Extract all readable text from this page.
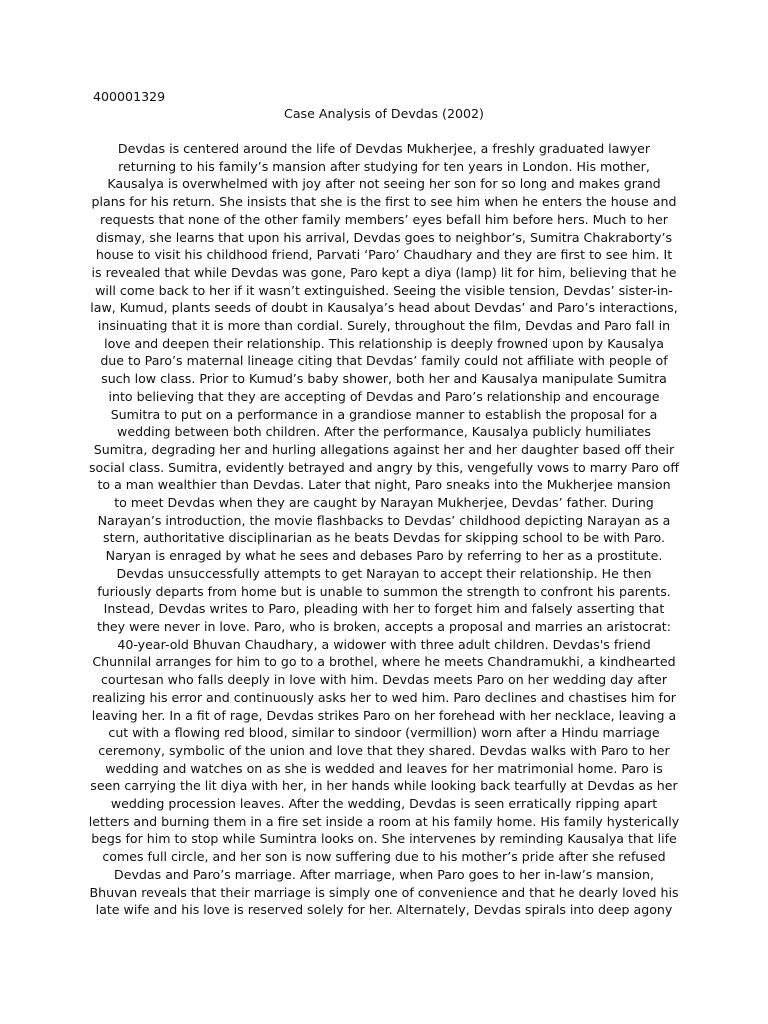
400001329
Case Analysis of Devdas (2002)
Devdas is centered around the life of Devdas Mukherjee, a freshly graduated lawyer
returning to his family’s mansion after studying for ten years in London. His mother,
Kausalya is overwhelmed with joy after not seeing her son for so long and makes grand
plans for his return. She insists that she is the first to see him when he enters the house and
requests that none of the other family members’ eyes befall him before hers. Much to her
dismay, she learns that upon his arrival, Devdas goes to neighbor’s, Sumitra Chakraborty’s
house to visit his childhood friend, Parvati ‘Paro’ Chaudhary and they are first to see him. It
is revealed that while Devdas was gone, Paro kept a diya (lamp) lit for him, believing that he
will come back to her if it wasn’t extinguished. Seeing the visible tension, Devdas’ sister-in-
law, Kumud, plants seeds of doubt in Kausalya’s head about Devdas’ and Paro’s interactions,
insinuating that it is more than cordial. Surely, throughout the film, Devdas and Paro fall in
love and deepen their relationship. This relationship is deeply frowned upon by Kausalya
due to Paro’s maternal lineage citing that Devdas’ family could not affiliate with people of
such low class. Prior to Kumud’s baby shower, both her and Kausalya manipulate Sumitra
into believing that they are accepting of Devdas and Paro’s relationship and encourage
Sumitra to put on a performance in a grandiose manner to establish the proposal for a
wedding between both children. After the performance, Kausalya publicly humiliates
Sumitra, degrading her and hurling allegations against her and her daughter based off their
social class. Sumitra, evidently betrayed and angry by this, vengefully vows to marry Paro off
to a man wealthier than Devdas. Later that night, Paro sneaks into the Mukherjee mansion
to meet Devdas when they are caught by Narayan Mukherjee, Devdas’ father. During
Narayan’s introduction, the movie flashbacks to Devdas’ childhood depicting Narayan as a
stern, authoritative disciplinarian as he beats Devdas for skipping school to be with Paro.
Naryan is enraged by what he sees and debases Paro by referring to her as a prostitute.
Devdas unsuccessfully attempts to get Narayan to accept their relationship. He then
furiously departs from home but is unable to summon the strength to confront his parents.
Instead, Devdas writes to Paro, pleading with her to forget him and falsely asserting that
they were never in love. Paro, who is broken, accepts a proposal and marries an aristocrat:
40-year-old Bhuvan Chaudhary, a widower with three adult children. Devdas's friend
Chunnilal arranges for him to go to a brothel, where he meets Chandramukhi, a kindhearted
courtesan who falls deeply in love with him. Devdas meets Paro on her wedding day after
realizing his error and continuously asks her to wed him. Paro declines and chastises him for
leaving her. In a fit of rage, Devdas strikes Paro on her forehead with her necklace, leaving a
cut with a flowing red blood, similar to sindoor (vermillion) worn after a Hindu marriage
ceremony, symbolic of the union and love that they shared. Devdas walks with Paro to her
wedding and watches on as she is wedded and leaves for her matrimonial home. Paro is
seen carrying the lit diya with her, in her hands while looking back tearfully at Devdas as her
wedding procession leaves. After the wedding, Devdas is seen erratically ripping apart
letters and burning them in a fire set inside a room at his family home. His family hysterically
begs for him to stop while Sumintra looks on. She intervenes by reminding Kausalya that life
comes full circle, and her son is now suffering due to his mother’s pride after she refused
Devdas and Paro’s marriage. After marriage, when Paro goes to her in-law’s mansion,
Bhuvan reveals that their marriage is simply one of convenience and that he dearly loved his
late wife and his love is reserved solely for her. Alternately, Devdas spirals into deep agony
